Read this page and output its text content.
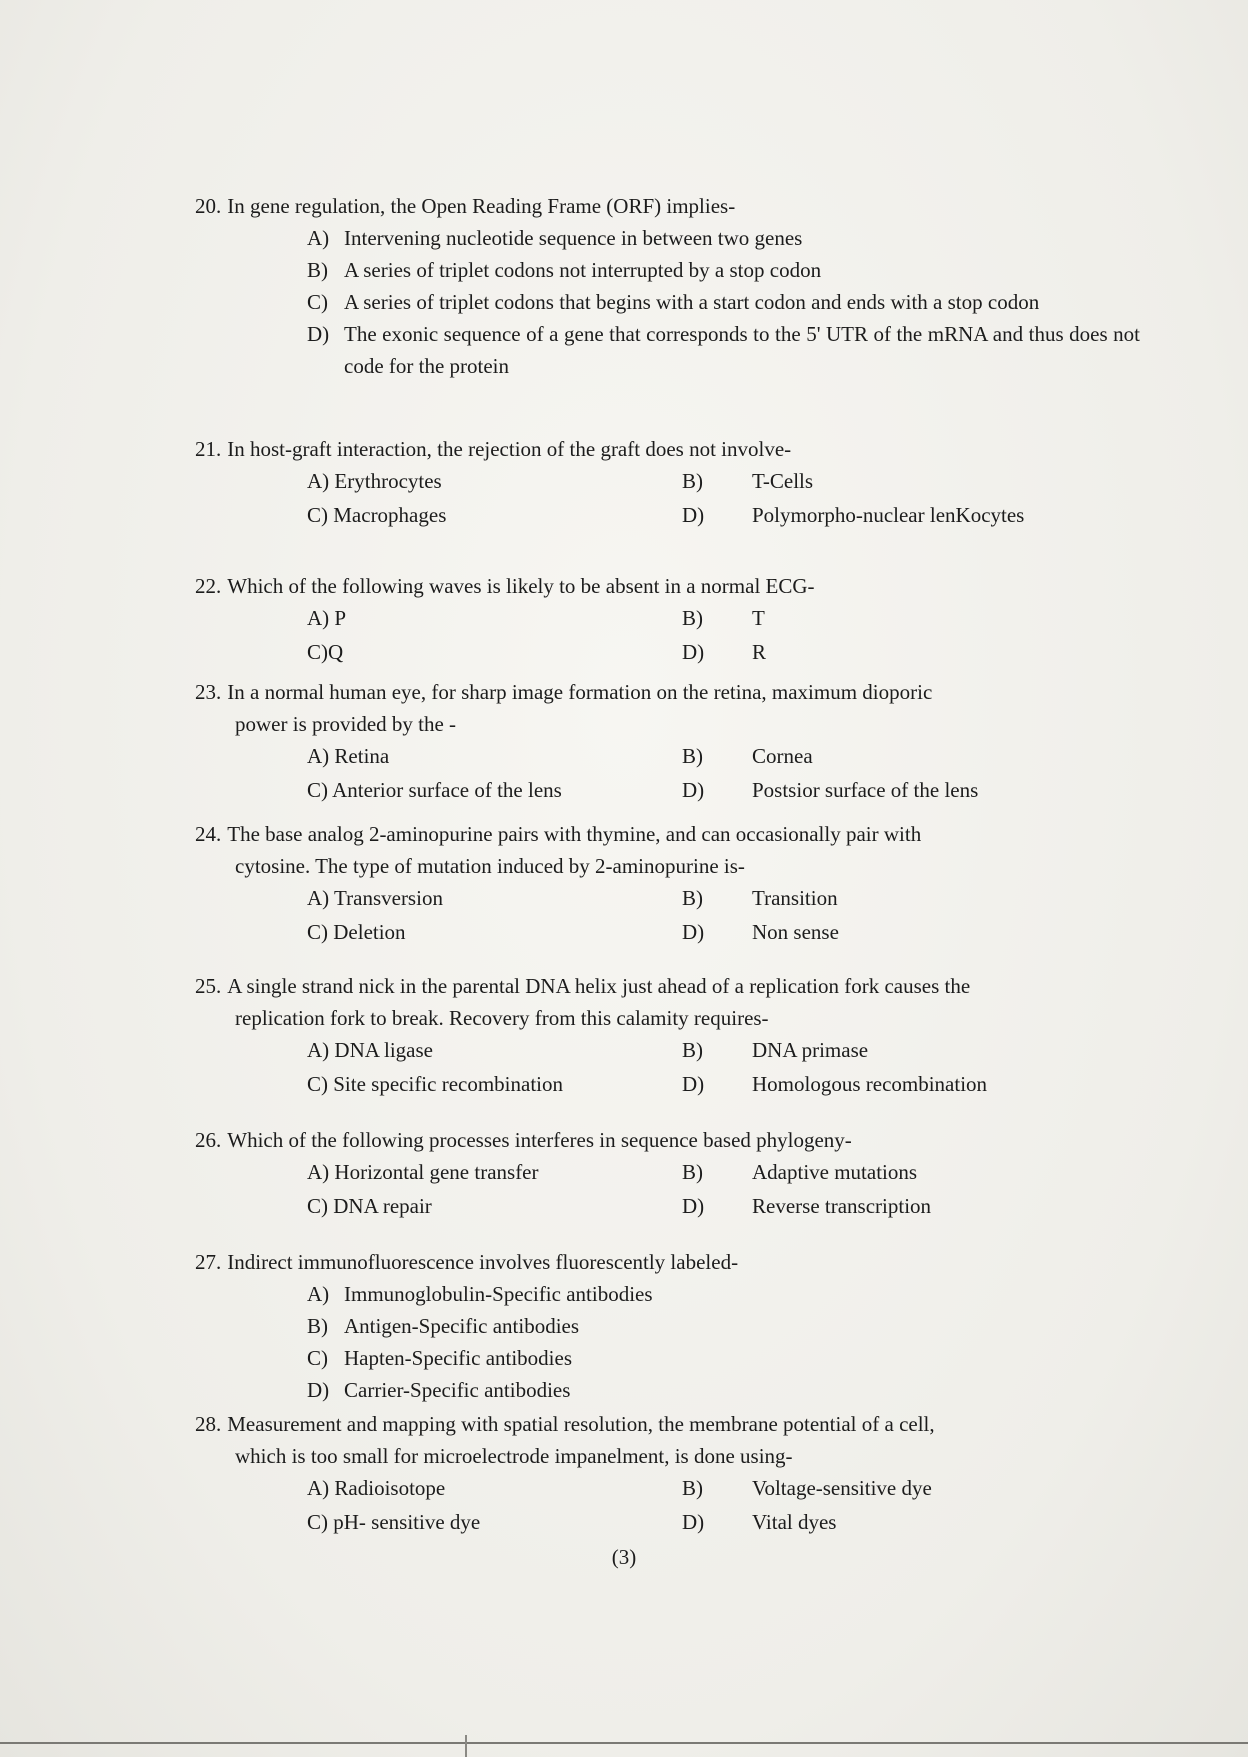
20. In gene regulation, the Open Reading Frame (ORF) implies-

A) Intervening nucleotide sequence in between two genes
B) A series of triplet codons not interrupted by a stop codon
C) A series of triplet codons that begins with a start codon and ends with a stop codon
D) The exonic sequence of a gene that corresponds to the 5' UTR of the mRNA and thus does not code for the protein

21. In host-graft interaction, the rejection of the graft does not involve-

A) Erythrocytes	B)	T-Cells
C) Macrophages	D)	Polymorpho-nuclear lenKocytes

22. Which of the following waves is likely to be absent in a normal ECG-

A) P	B)	T
C)Q	D)	R

23. In a normal human eye, for sharp image formation on the retina, maximum dioporic

power is provided by the -
A) Retina	B)	Cornea
C) Anterior surface of the lens	D)	Postsior surface of the lens

24. The base analog 2-aminopurine pairs with thymine, and can occasionally pair with

cytosine. The type of mutation induced by 2-aminopurine is-
A) Transversion	B)	Transition
C) Deletion	D)	Non sense

25. A single strand nick in the parental DNA helix just ahead of a replication fork causes the

replication fork to break. Recovery from this calamity requires-
A) DNA ligase	B)	DNA primase
C) Site specific recombination	D)	Homologous recombination

26. Which of the following processes interferes in sequence based phylogeny-

A) Horizontal gene transfer	B)	Adaptive mutations
C) DNA repair	D)	Reverse transcription

27. Indirect immunofluorescence involves fluorescently labeled-

A) Immunoglobulin-Specific antibodies
B) Antigen-Specific antibodies
C) Hapten-Specific antibodies
D) Carrier-Specific antibodies

28. Measurement and mapping with spatial resolution, the membrane potential of a cell,

which is too small for microelectrode impanelment, is done using-
A) Radioisotope	B)	Voltage-sensitive dye
C) pH- sensitive dye	D)	Vital dyes
(3)
